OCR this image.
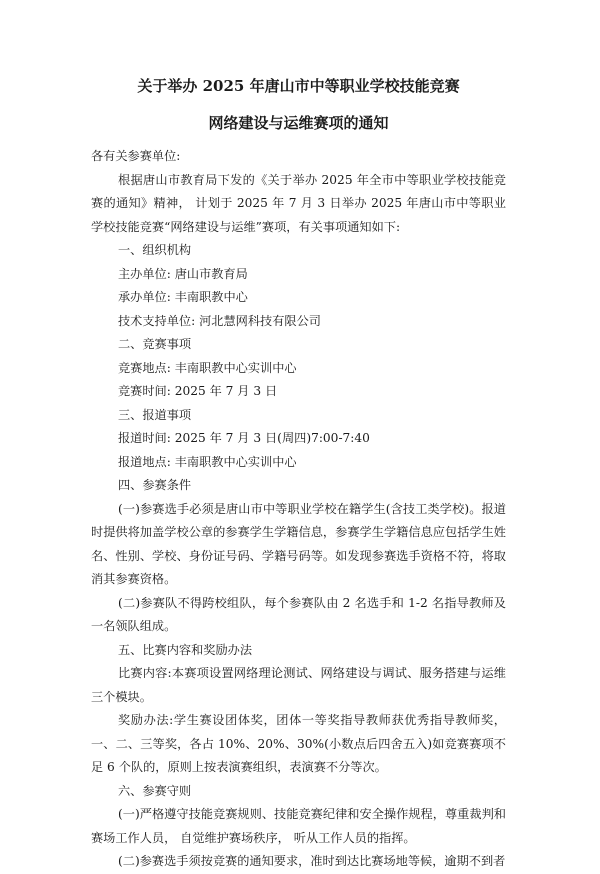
关于举办 2025 年唐山市中等职业学校技能竞赛

网络建设与运维赛项的通知

各有关参赛单位:

根据唐山市教育局下发的《关于举办 2025 年全市中等职业学校技能竞赛的通知》精神， 计划于 2025 年 7 月 3 日举办 2025 年唐山市中等职业学校技能竞赛“网络建设与运维”赛项，有关事项通知如下:

一、组织机构

主办单位: 唐山市教育局

承办单位: 丰南职教中心

技术支持单位: 河北慧网科技有限公司

二、竞赛事项

竞赛地点: 丰南职教中心实训中心

竞赛时间: 2025 年 7 月 3 日

三、报道事项

报道时间: 2025 年 7 月 3 日(周四)7:00-7:40

报道地点: 丰南职教中心实训中心

四、参赛条件

(一)参赛选手必须是唐山市中等职业学校在籍学生(含技工类学校)。报道时提供将加盖学校公章的参赛学生学籍信息，参赛学生学籍信息应包括学生姓名、性别、学校、身份证号码、学籍号码等。如发现参赛选手资格不符，将取消其参赛资格。

(二)参赛队不得跨校组队，每个参赛队由 2 名选手和 1-2 名指导教师及一名领队组成。

五、比赛内容和奖励办法

比赛内容:本赛项设置网络理论测试、网络建设与调试、服务搭建与运维三个模块。

奖励办法:学生赛设团体奖，团体一等奖指导教师获优秀指导教师奖， 一、二、三等奖，各占 10%、20%、30%(小数点后四舍五入)如竞赛赛项不足 6 个队的，原则上按表演赛组织，表演赛不分等次。

六、参赛守则

(一)严格遵守技能竞赛规则、技能竞赛纪律和安全操作规程，尊重裁判和赛场工作人员， 自觉维护赛场秩序， 听从工作人员的指挥。

(二)参赛选手须按竞赛的通知要求，准时到达比赛场地等候，逾期不到者
